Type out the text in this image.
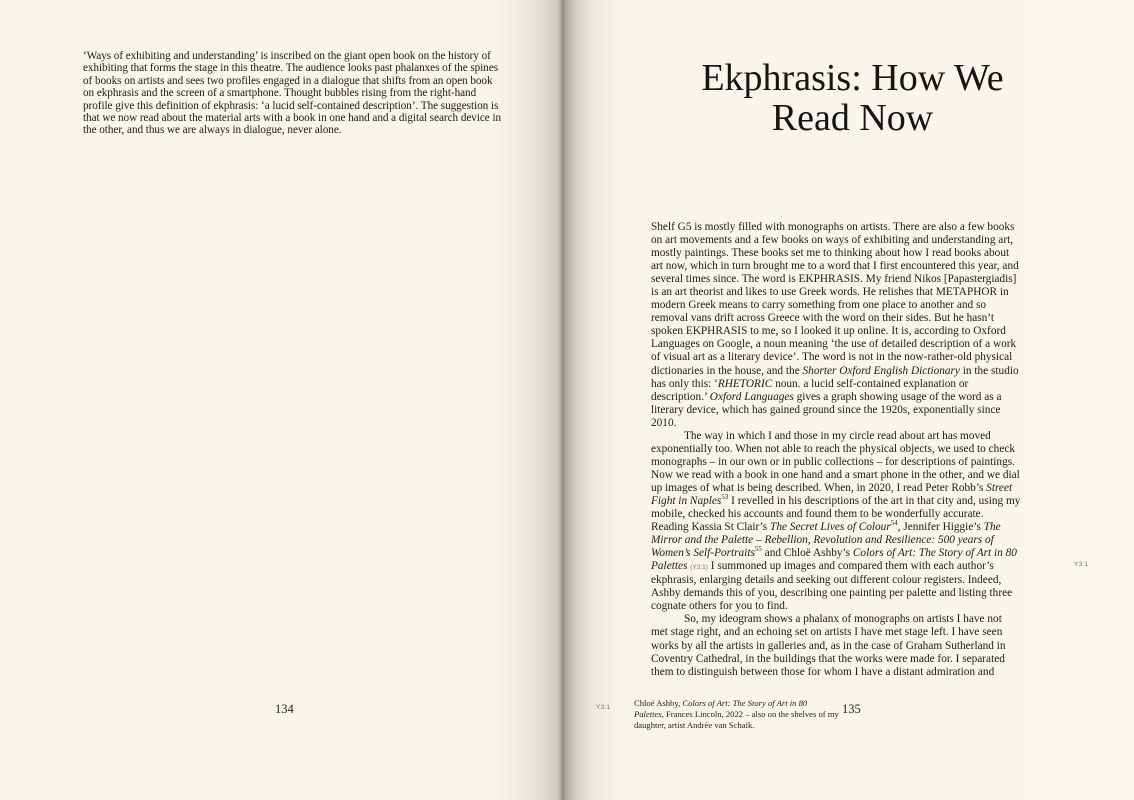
‘Ways of exhibiting and understanding’ is inscribed on the giant open book on the history of exhibiting that forms the stage in this theatre. The audience looks past phalanxes of the spines of books on artists and sees two profiles engaged in a dialogue that shifts from an open book on ekphrasis and the screen of a smartphone. Thought bubbles rising from the right-hand profile give this definition of ekphrasis: ‘a lucid self-contained description’. The suggestion is that we now read about the material arts with a book in one hand and a digital search device in the other, and thus we are always in dialogue, never alone.
134
Ekphrasis: How We
Read Now

Shelf G5 is mostly filled with monographs on artists. There are also a few books on art movements and a few books on ways of exhibiting and understanding art, mostly paintings. These books set me to thinking about how I read books about art now, which in turn brought me to a word that I first encountered this year, and several times since. The word is EKPHRASIS. My friend Nikos [Papastergiadis] is an art theorist and likes to use Greek words. He relishes that METAPHOR in modern Greek means to carry something from one place to another and so removal vans drift across Greece with the word on their sides. But he hasn’t spoken EKPHRASIS to me, so I looked it up online. It is, according to Oxford Languages on Google, a noun meaning ‘the use of detailed description of a work of visual art as a literary device’. The word is not in the now-rather-old physical dictionaries in the house, and the Shorter Oxford English Dictionary in the studio has only this: ‘RHETORIC noun. a lucid self-contained explanation or description.’ Oxford Languages gives a graph showing usage of the word as a literary device, which has gained ground since the 1920s, exponentially since 2010.

The way in which I and those in my circle read about art has moved exponentially too. When not able to reach the physical objects, we used to check monographs – in our own or in public collections – for descriptions of paintings. Now we read with a book in one hand and a smart phone in the other, and we dial up images of what is being described. When, in 2020, I read Peter Robb’s Street Fight in Naples$^{53}$ I revelled in his descriptions of the art in that city and, using my mobile, checked his accounts and found them to be wonderfully accurate. Reading Kassia St Clair’s The Secret Lives of Colour$^{54}$, Jennifer Higgie’s The Mirror and the Palette – Rebellion, Revolution and Resilience: 500 years of Women’s Self-Portraits$^{55}$ and Chloë Ashby’s Colors of Art: The Story of Art in 80 Palettes (Y3:1) I summoned up images and compared them with each author’s ekphrasis, enlarging details and seeking out different colour registers. Indeed, Ashby demands this of you, describing one painting per palette and listing three cognate others for you to find.

So, my ideogram shows a phalanx of monographs on artists I have not met stage right, and an echoing set on artists I have met stage left. I have seen works by all the artists in galleries and, as in the case of Graham Sutherland in Coventry Cathedral, in the buildings that the works were made for. I separated them to distinguish between those for whom I have a distant admiration and

Y3:1
Y3:1	Chloë Ashby, Colors of Art: The Story of Art in 80 Palettes, Frances Lincoln, 2022 – also on the shelves of my daughter, artist Andrée van Schaik.
135
